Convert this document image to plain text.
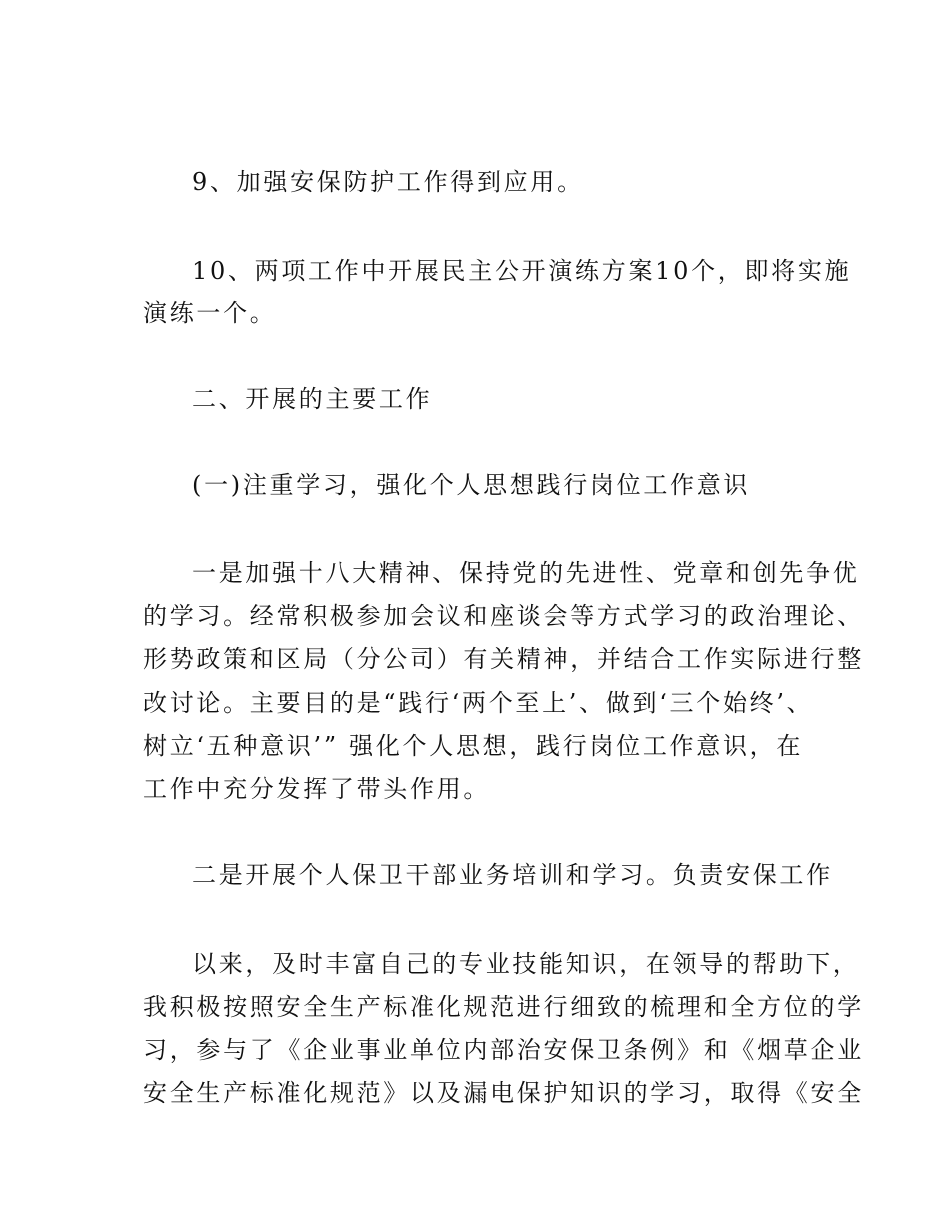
9、加强安保防护工作得到应用。
10、两项工作中开展民主公开演练方案10个，即将实施
演练一个。
二、开展的主要工作
(一)注重学习，强化个人思想践行岗位工作意识
一是加强十八大精神、保持党的先进性、党章和创先争优
的学习。经常积极参加会议和座谈会等方式学习的政治理论、
形势政策和区局（分公司）有关精神，并结合工作实际进行整
改讨论。主要目的是“践行‘两个至上’、做到‘三个始终’、
树立‘五种意识’” 强化个人思想，践行岗位工作意识，在
工作中充分发挥了带头作用。
二是开展个人保卫干部业务培训和学习。负责安保工作
以来，及时丰富自己的专业技能知识，在领导的帮助下，
我积极按照安全生产标准化规范进行细致的梳理和全方位的学
习，参与了《企业事业单位内部治安保卫条例》和《烟草企业
安全生产标准化规范》以及漏电保护知识的学习，取得《安全
